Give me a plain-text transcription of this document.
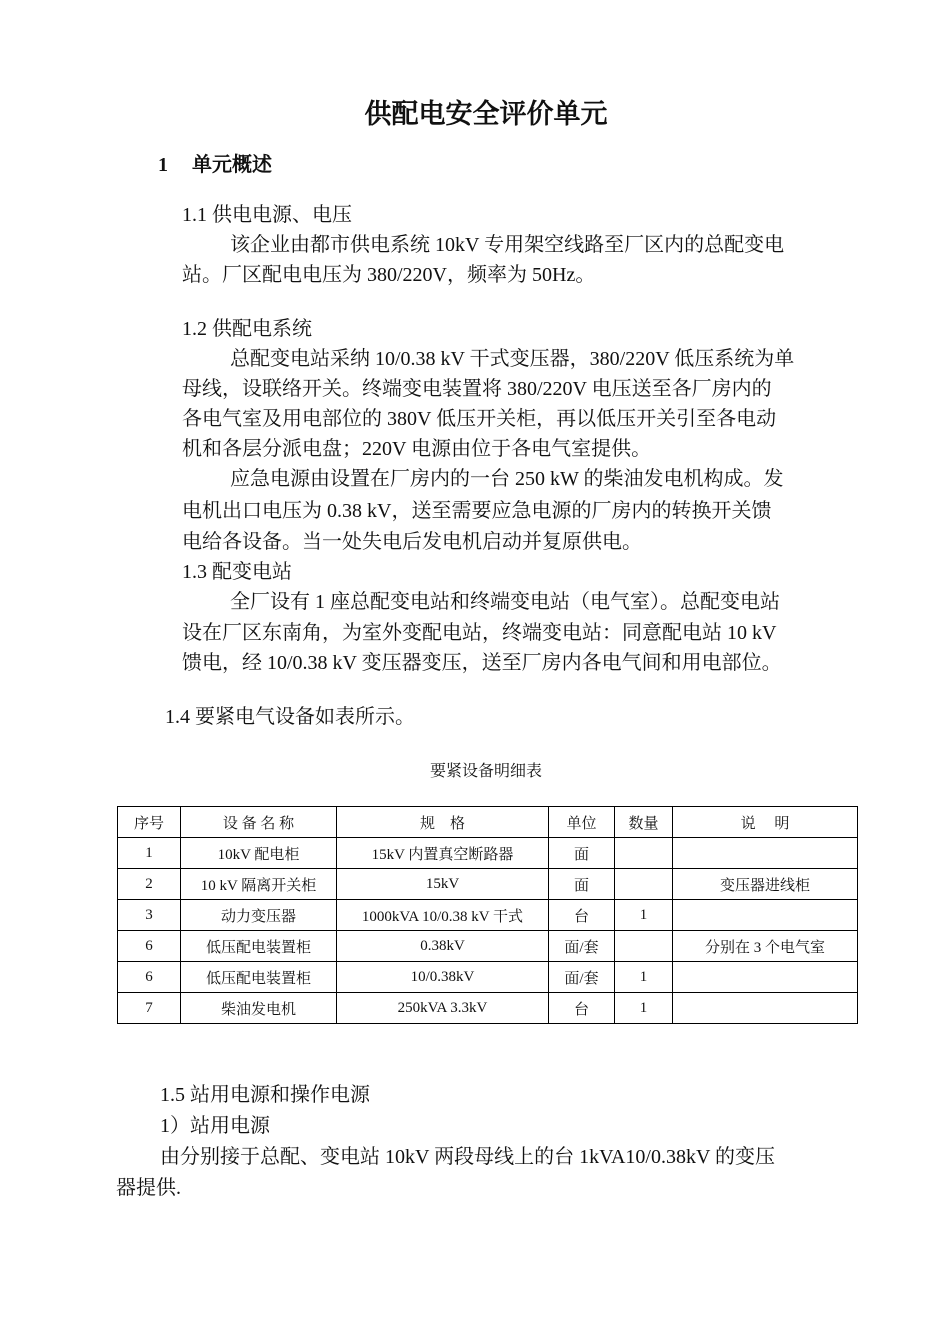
供配电安全评价单元
1 单元概述
1.1 供电电源、电压
该企业由都市供电系统 10kV 专用架空线路至厂区内的总配变电
站。厂区配电电压为 380/220V，频率为 50Hz。
1.2 供配电系统
总配变电站采纳 10/0.38 kV 干式变压器，380/220V 低压系统为单
母线，设联络开关。终端变电装置将 380/220V 电压送至各厂房内的
各电气室及用电部位的 380V 低压开关柜，再以低压开关引至各电动
机和各层分派电盘；220V 电源由位于各电气室提供。
应急电源由设置在厂房内的一台 250 kW 的柴油发电机构成。发
电机出口电压为 0.38 kV，送至需要应急电源的厂房内的转换开关馈
电给各设备。当一处失电后发电机启动并复原供电。
1.3 配变电站
全厂设有 1 座总配变电站和终端变电站（电气室）。总配变电站
设在厂区东南角，为室外变配电站，终端变电站：同意配电站 10 kV
馈电，经 10/0.38 kV 变压器变压，送至厂房内各电气间和用电部位。
1.4 要紧电气设备如表所示。
要紧设备明细表
序号	设 备 名 称	规　格	单位	数量	说　 明
1	10kV 配电柜	15kV 内置真空断路器	面		
2	10 kV 隔离开关柜	15kV	面		变压器进线柜
3	动力变压器	1000kVA 10/0.38 kV 干式	台	1	
6	低压配电装置柜	0.38kV	面/套		分别在 3 个电气室
6	低压配电装置柜	10/0.38kV	面/套	1	
7	柴油发电机	250kVA 3.3kV	台	1	
1.5 站用电源和操作电源
1）站用电源
由分别接于总配、变电站 10kV 两段母线上的台 1kVA10/0.38kV 的变压
器提供.
